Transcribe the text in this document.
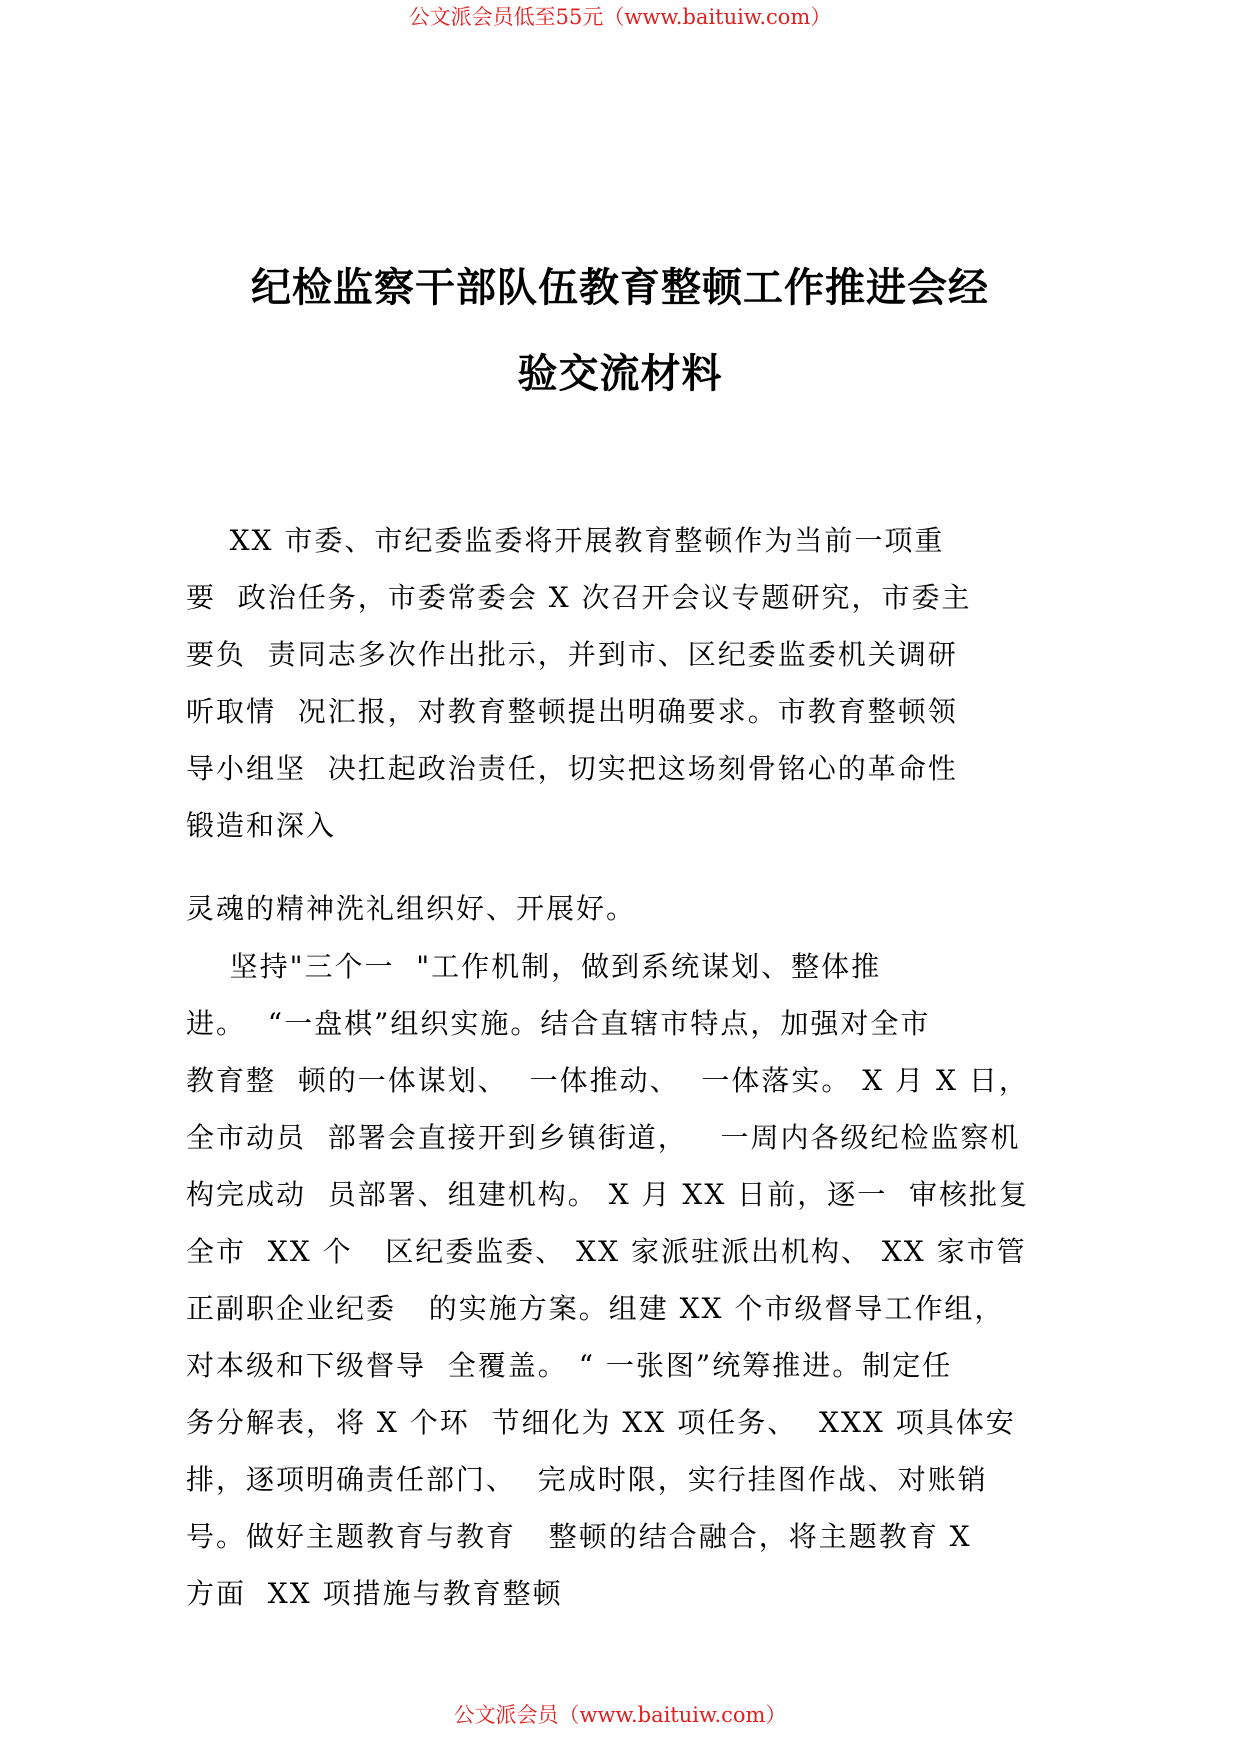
公文派会员低至55元（www.baituiw.com）
纪检监察干部队伍教育整顿工作推进会经
验交流材料
XX 市委、市纪委监委将开展教育整顿作为当前一项重
要  政治任务，市委常委会 X 次召开会议专题研究，市委主
要负  责同志多次作出批示，并到市、区纪委监委机关调研
听取情  况汇报，对教育整顿提出明确要求。市教育整顿领
导小组坚  决扛起政治责任，切实把这场刻骨铭心的革命性
锻造和深入
灵魂的精神洗礼组织好、开展好。
坚持"三个一  "工作机制，做到系统谋划、整体推
进。  “一盘棋”组织实施。结合直辖市特点，加强对全市
教育整  顿的一体谋划、  一体推动、  一体落实。 X 月 X 日，
全市动员  部署会直接开到乡镇街道，   一周内各级纪检监察机
构完成动  员部署、组建机构。 X 月 XX 日前，逐一  审核批复
全市  XX 个   区纪委监委、 XX 家派驻派出机构、 XX 家市管
正副职企业纪委   的实施方案。组建 XX 个市级督导工作组，
对本级和下级督导  全覆盖。 “ 一张图”统筹推进。制定任
务分解表，将 X 个环  节细化为 XX 项任务、  XXX 项具体安
排，逐项明确责任部门、  完成时限，实行挂图作战、对账销
号。做好主题教育与教育   整顿的结合融合，将主题教育 X
方面  XX 项措施与教育整顿
公文派会员（www.baituiw.com）
